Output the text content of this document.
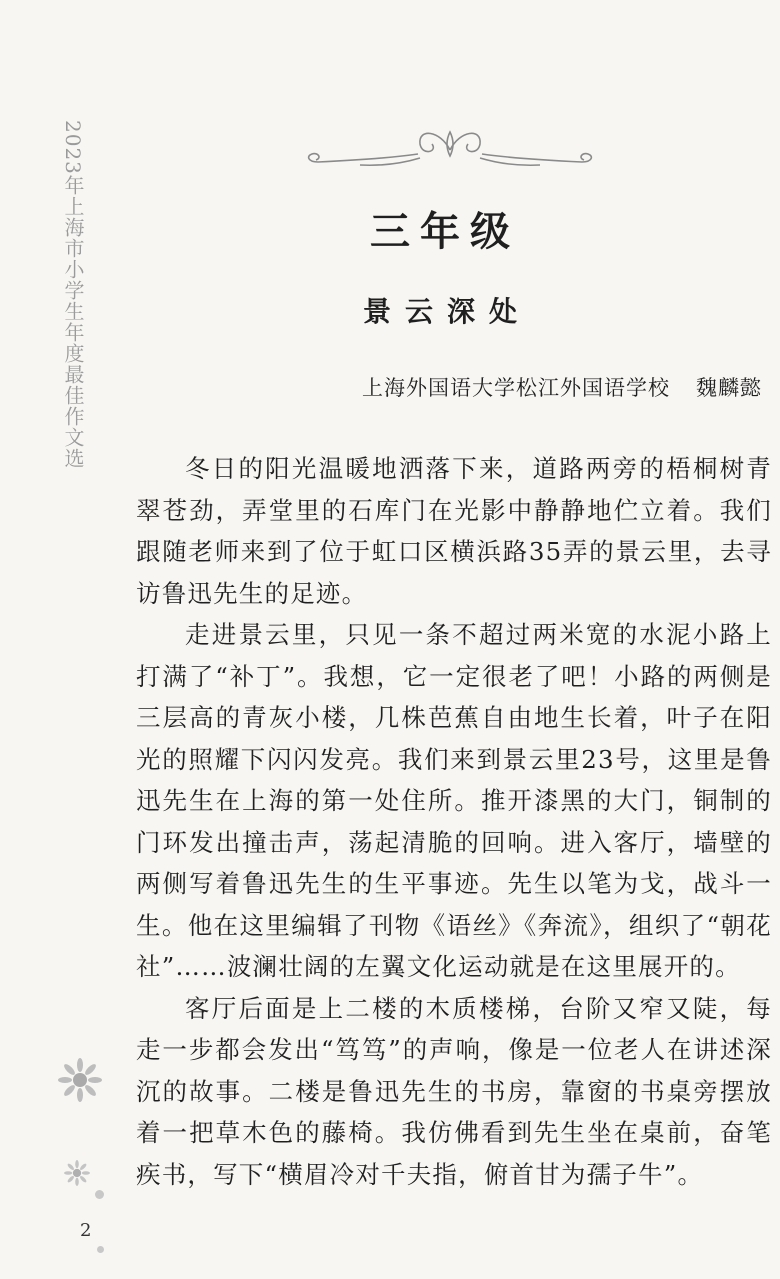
2023年上海市小学生年度最佳作文选	三年级
景云深处
上海外国语大学松江外国语学校 魏麟懿

冬日的阳光温暖地洒落下来，道路两旁的梧桐树青翠苍劲，弄堂里的石库门在光影中静静地伫立着。我们跟随老师来到了位于虹口区横浜路35弄的景云里，去寻访鲁迅先生的足迹。

走进景云里，只见一条不超过两米宽的水泥小路上打满了“补丁”。我想，它一定很老了吧！小路的两侧是三层高的青灰小楼，几株芭蕉自由地生长着，叶子在阳光的照耀下闪闪发亮。我们来到景云里23号，这里是鲁迅先生在上海的第一处住所。推开漆黑的大门，铜制的门环发出撞击声，荡起清脆的回响。进入客厅，墙壁的两侧写着鲁迅先生的生平事迹。先生以笔为戈，战斗一生。他在这里编辑了刊物《语丝》《奔流》，组织了“朝花社”……波澜壮阔的左翼文化运动就是在这里展开的。

客厅后面是上二楼的木质楼梯，台阶又窄又陡，每走一步都会发出“笃笃”的声响，像是一位老人在讲述深沉的故事。二楼是鲁迅先生的书房，靠窗的书桌旁摆放着一把草木色的藤椅。我仿佛看到先生坐在桌前，奋笔疾书，写下“横眉冷对千夫指，俯首甘为孺子牛”。

2
